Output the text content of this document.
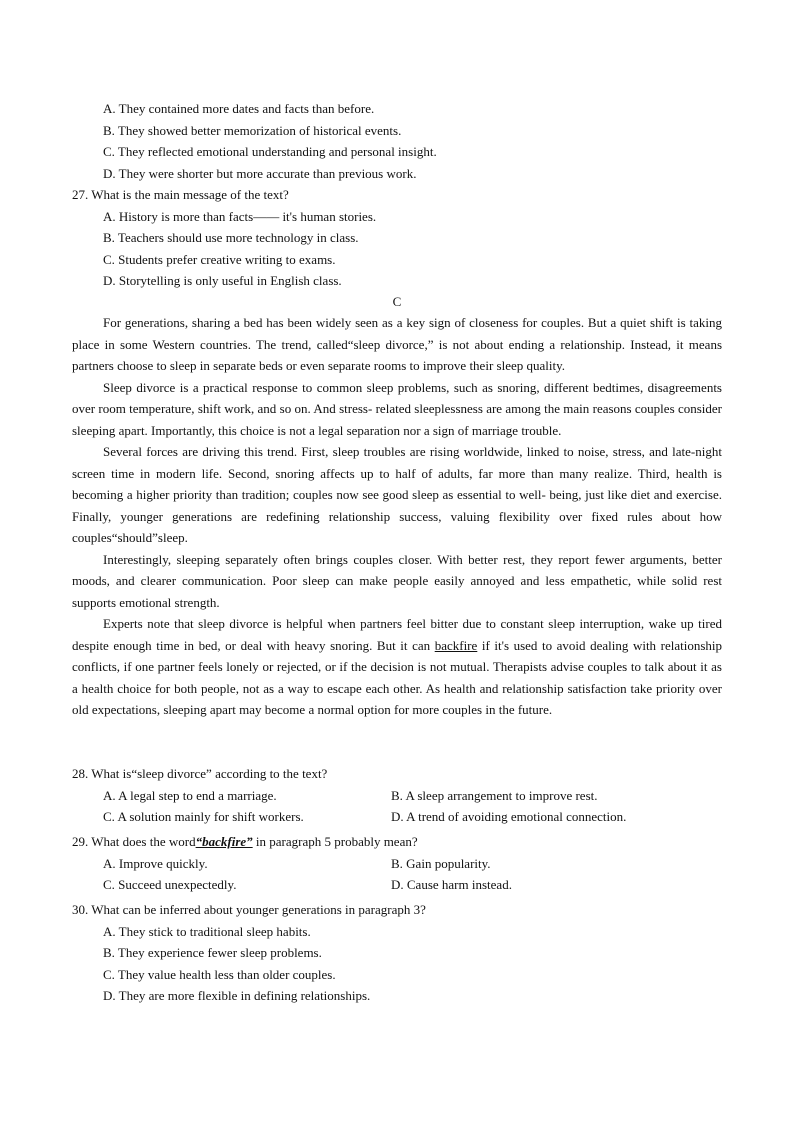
A. They contained more dates and facts than before.
B. They showed better memorization of historical events.
C. They reflected emotional understanding and personal insight.
D. They were shorter but more accurate than previous work.
27. What is the main message of the text?
A. History is more than facts—— it's human stories.
B. Teachers should use more technology in class.
C. Students prefer creative writing to exams.
D. Storytelling is only useful in English class.
C

For generations, sharing a bed has been widely seen as a key sign of closeness for couples. But a quiet shift is taking place in some Western countries. The trend, called“sleep divorce,” is not about ending a relationship. Instead, it means partners choose to sleep in separate beds or even separate rooms to improve their sleep quality.

Sleep divorce is a practical response to common sleep problems, such as snoring, different bedtimes, disagreements over room temperature, shift work, and so on. And stress- related sleeplessness are among the main reasons couples consider sleeping apart. Importantly, this choice is not a legal separation nor a sign of marriage trouble.

Several forces are driving this trend. First, sleep troubles are rising worldwide, linked to noise, stress, and late-night screen time in modern life. Second, snoring affects up to half of adults, far more than many realize. Third, health is becoming a higher priority than tradition; couples now see good sleep as essential to well- being, just like diet and exercise. Finally, younger generations are redefining relationship success, valuing flexibility over fixed rules about how couples“should”sleep.

Interestingly, sleeping separately often brings couples closer. With better rest, they report fewer arguments, better moods, and clearer communication. Poor sleep can make people easily annoyed and less empathetic, while solid rest supports emotional strength.

Experts note that sleep divorce is helpful when partners feel bitter due to constant sleep interruption, wake up tired despite enough time in bed, or deal with heavy snoring. But it can backfire if it's used to avoid dealing with relationship conflicts, if one partner feels lonely or rejected, or if the decision is not mutual. Therapists advise couples to talk about it as a health choice for both people, not as a way to escape each other. As health and relationship satisfaction take priority over old expectations, sleeping apart may become a normal option for more couples in the future.

28. What is“sleep divorce” according to the text?
A. A legal step to end a marriage.	B. A sleep arrangement to improve rest.
C. A solution mainly for shift workers.	D. A trend of avoiding emotional connection.
29. What does the word“backfire” in paragraph 5 probably mean?
A. Improve quickly.	B. Gain popularity.
C. Succeed unexpectedly.	D. Cause harm instead.
30. What can be inferred about younger generations in paragraph 3?
A. They stick to traditional sleep habits.
B. They experience fewer sleep problems.
C. They value health less than older couples.
D. They are more flexible in defining relationships.
